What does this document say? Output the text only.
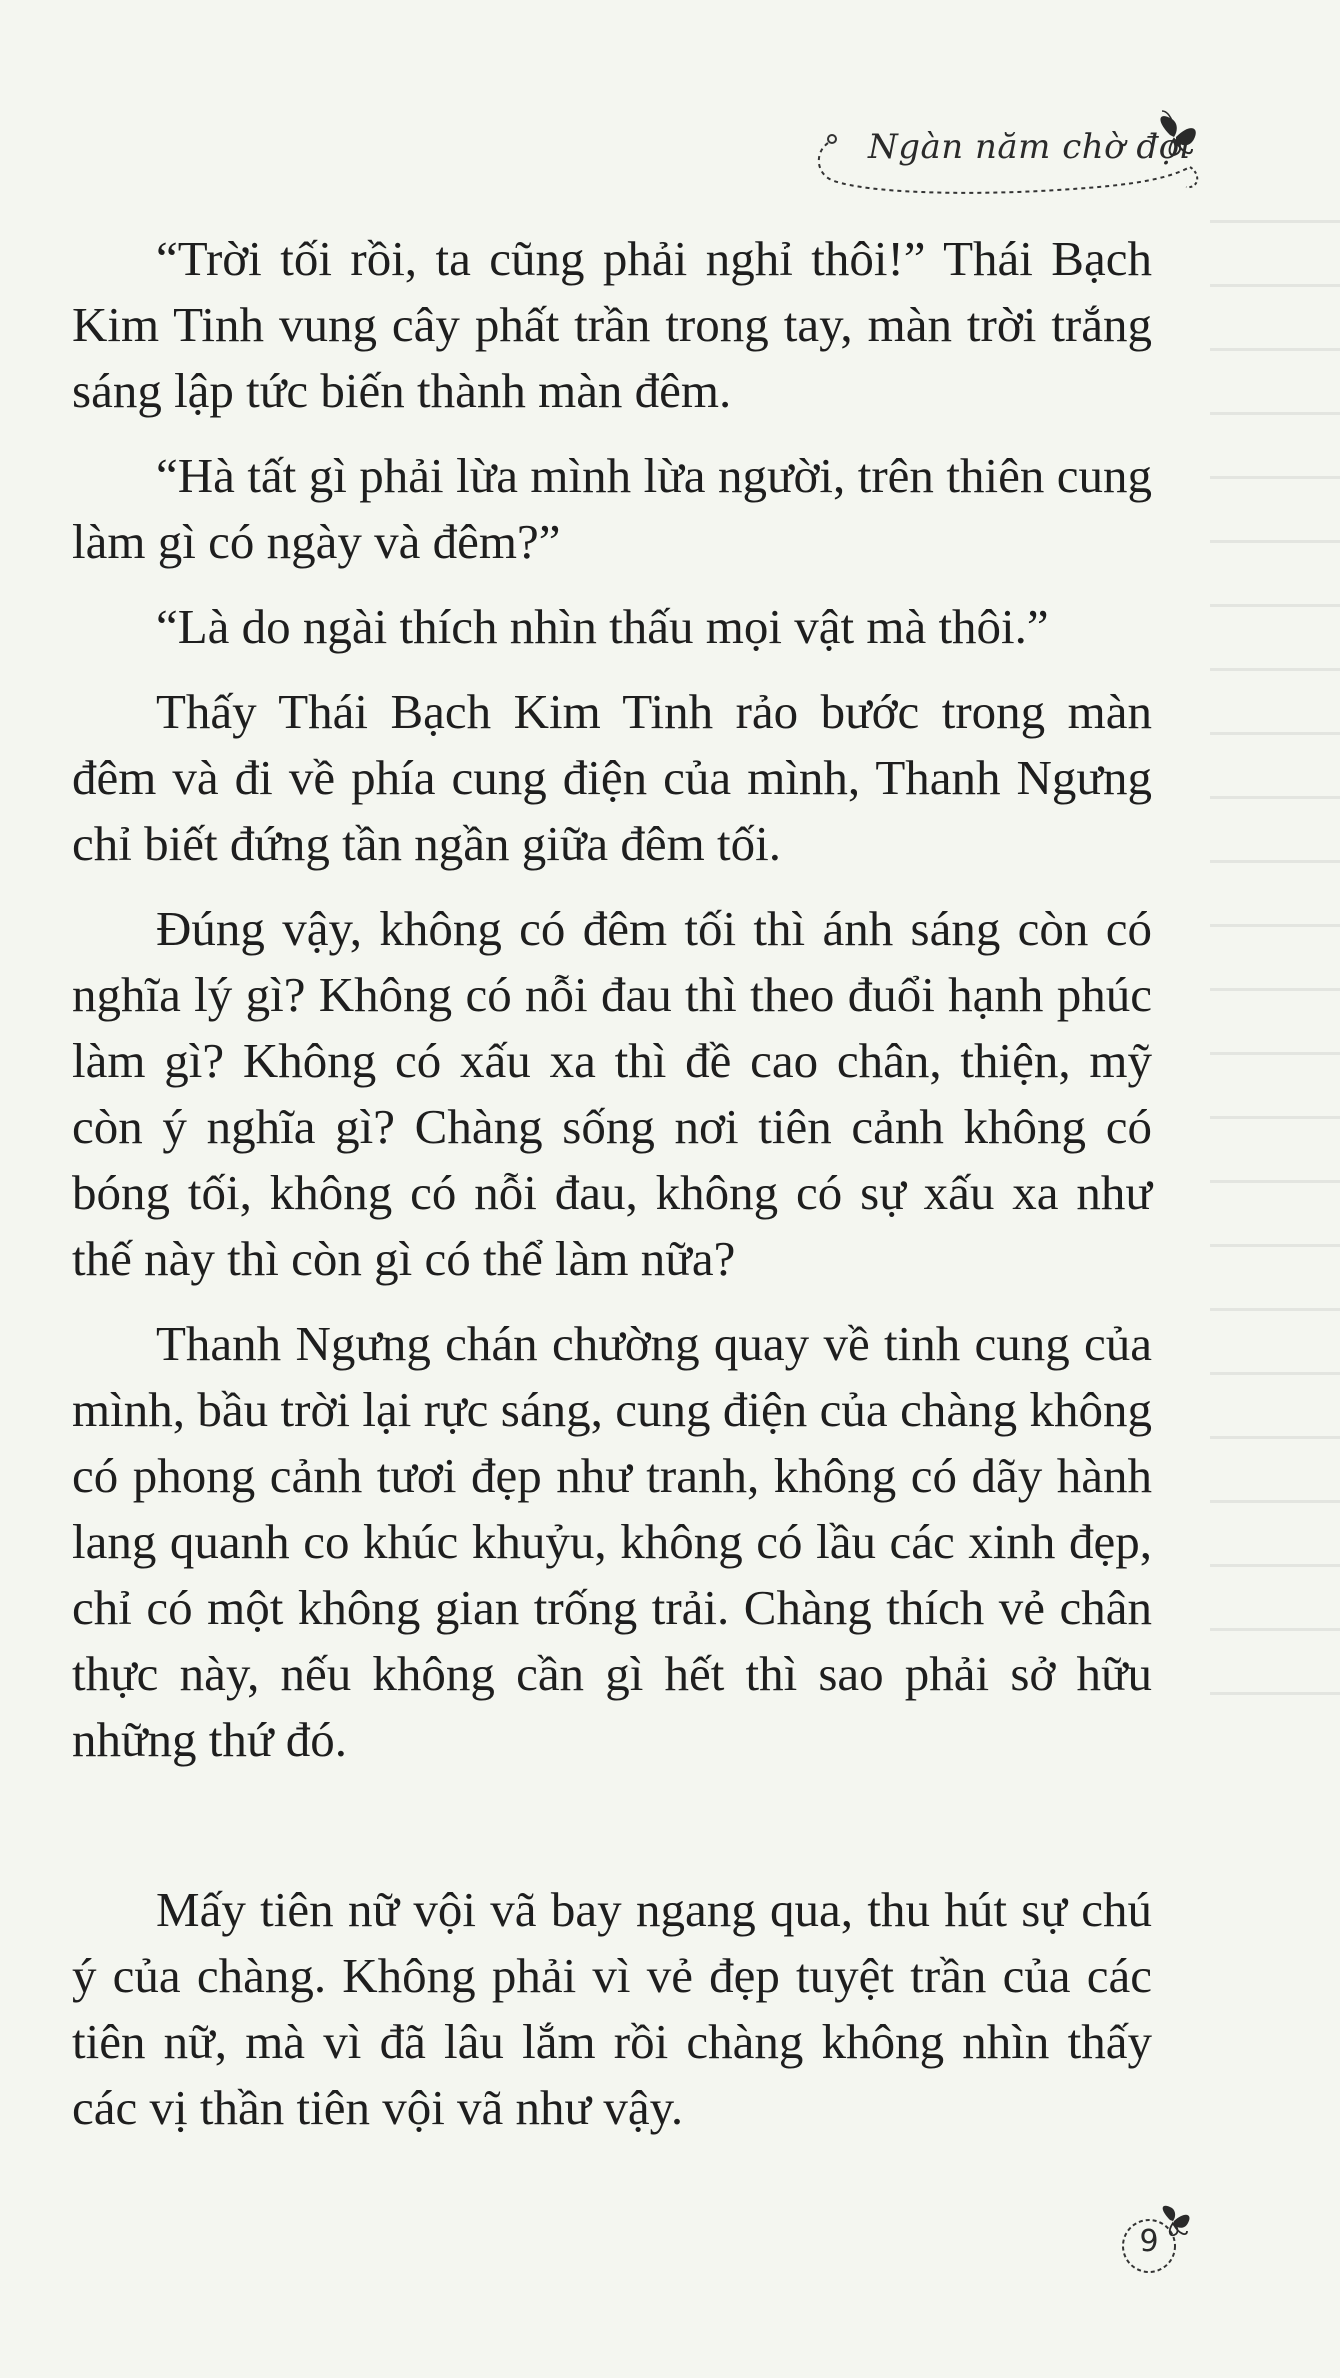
Ngàn năm chờ đợi

“Trời tối rồi, ta cũng phải nghỉ thôi!” Thái Bạch Kim Tinh vung cây phất trần trong tay, màn trời trắng sáng lập tức biến thành màn đêm.

“Hà tất gì phải lừa mình lừa người, trên thiên cung làm gì có ngày và đêm?”

“Là do ngài thích nhìn thấu mọi vật mà thôi.”

Thấy Thái Bạch Kim Tinh rảo bước trong màn đêm và đi về phía cung điện của mình, Thanh Ngưng chỉ biết đứng tần ngần giữa đêm tối.

Đúng vậy, không có đêm tối thì ánh sáng còn có nghĩa lý gì? Không có nỗi đau thì theo đuổi hạnh phúc làm gì? Không có xấu xa thì đề cao chân, thiện, mỹ còn ý nghĩa gì? Chàng sống nơi tiên cảnh không có bóng tối, không có nỗi đau, không có sự xấu xa như thế này thì còn gì có thể làm nữa?

Thanh Ngưng chán chường quay về tinh cung của mình, bầu trời lại rực sáng, cung điện của chàng không có phong cảnh tươi đẹp như tranh, không có dãy hành lang quanh co khúc khuỷu, không có lầu các xinh đẹp, chỉ có một không gian trống trải. Chàng thích vẻ chân thực này, nếu không cần gì hết thì sao phải sở hữu những thứ đó.

Mấy tiên nữ vội vã bay ngang qua, thu hút sự chú ý của chàng. Không phải vì vẻ đẹp tuyệt trần của các tiên nữ, mà vì đã lâu lắm rồi chàng không nhìn thấy các vị thần tiên vội vã như vậy.

9
